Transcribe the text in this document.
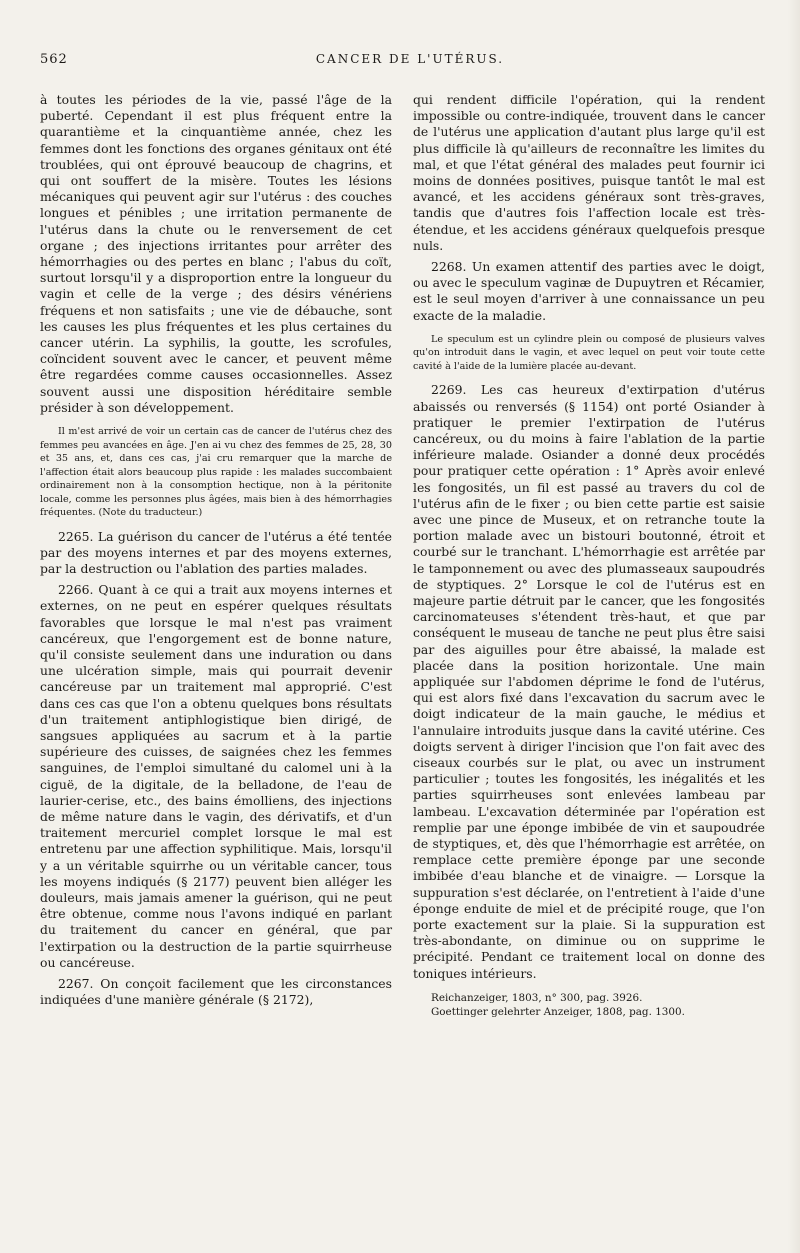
562	CANCER DE L'UTÉRUS.

à toutes les périodes de la vie, passé l'âge de la puberté. Cependant il est plus fréquent entre la quarantième et la cinquantième année, chez les femmes dont les fonctions des organes génitaux ont été troublées, qui ont éprouvé beaucoup de chagrins, et qui ont souffert de la misère. Toutes les lésions mécaniques qui peuvent agir sur l'utérus : des couches longues et pénibles ; une irritation permanente de l'utérus dans la chute ou le renversement de cet organe ; des injections irritantes pour arrêter des hémorrhagies ou des pertes en blanc ; l'abus du coït, surtout lorsqu'il y a disproportion entre la longueur du vagin et celle de la verge ; des désirs vénériens fréquens et non satisfaits ; une vie de débauche, sont les causes les plus fréquentes et les plus certaines du cancer utérin. La syphilis, la goutte, les scrofules, coïncident souvent avec le cancer, et peuvent même être regardées comme causes occasionnelles. Assez souvent aussi une disposition héréditaire semble présider à son développement.

Il m'est arrivé de voir un certain cas de cancer de l'utérus chez des femmes peu avancées en âge. J'en ai vu chez des femmes de 25, 28, 30 et 35 ans, et, dans ces cas, j'ai cru remarquer que la marche de l'affection était alors beaucoup plus rapide : les malades succombaient ordinairement non à la consomption hectique, non à la péritonite locale, comme les personnes plus âgées, mais bien à des hémorrhagies fréquentes. (Note du traducteur.)

2265. La guérison du cancer de l'utérus a été tentée par des moyens internes et par des moyens externes, par la destruction ou l'ablation des parties malades.

2266. Quant à ce qui a trait aux moyens internes et externes, on ne peut en espérer quelques résultats favorables que lorsque le mal n'est pas vraiment cancéreux, que l'engorgement est de bonne nature, qu'il consiste seulement dans une induration ou dans une ulcération simple, mais qui pourrait devenir cancéreuse par un traitement mal approprié. C'est dans ces cas que l'on a obtenu quelques bons résultats d'un traitement antiphlogistique bien dirigé, de sangsues appliquées au sacrum et à la partie supérieure des cuisses, de saignées chez les femmes sanguines, de l'emploi simultané du calomel uni à la ciguë, de la digitale, de la belladone, de l'eau de laurier-cerise, etc., des bains émolliens, des injections de même nature dans le vagin, des dérivatifs, et d'un traitement mercuriel complet lorsque le mal est entretenu par une affection syphilitique. Mais, lorsqu'il y a un véritable squirrhe ou un véritable cancer, tous les moyens indiqués (§ 2177) peuvent bien alléger les douleurs, mais jamais amener la guérison, qui ne peut être obtenue, comme nous l'avons indiqué en parlant du traitement du cancer en général, que par l'extirpation ou la destruction de la partie squirrheuse ou cancéreuse.

2267. On conçoit facilement que les circonstances indiquées d'une manière générale (§ 2172),

qui rendent difficile l'opération, qui la rendent impossible ou contre-indiquée, trouvent dans le cancer de l'utérus une application d'autant plus large qu'il est plus difficile là qu'ailleurs de reconnaître les limites du mal, et que l'état général des malades peut fournir ici moins de données positives, puisque tantôt le mal est avancé, et les accidens généraux sont très-graves, tandis que d'autres fois l'affection locale est très-étendue, et les accidens généraux quelquefois presque nuls.

2268. Un examen attentif des parties avec le doigt, ou avec le speculum vaginæ de Dupuytren et Récamier, est le seul moyen d'arriver à une connaissance un peu exacte de la maladie.

Le speculum est un cylindre plein ou composé de plusieurs valves qu'on introduit dans le vagin, et avec lequel on peut voir toute cette cavité à l'aide de la lumière placée au-devant.

2269. Les cas heureux d'extirpation d'utérus abaissés ou renversés (§ 1154) ont porté Osiander à pratiquer le premier l'extirpation de l'utérus cancéreux, ou du moins à faire l'ablation de la partie inférieure malade. Osiander a donné deux procédés pour pratiquer cette opération : 1° Après avoir enlevé les fongosités, un fil est passé au travers du col de l'utérus afin de le fixer ; ou bien cette partie est saisie avec une pince de Museux, et on retranche toute la portion malade avec un bistouri boutonné, étroit et courbé sur le tranchant. L'hémorrhagie est arrêtée par le tamponnement ou avec des plumasseaux saupoudrés de styptiques. 2° Lorsque le col de l'utérus est en majeure partie détruit par le cancer, que les fongosités carcinomateuses s'étendent très-haut, et que par conséquent le museau de tanche ne peut plus être saisi par des aiguilles pour être abaissé, la malade est placée dans la position horizontale. Une main appliquée sur l'abdomen déprime le fond de l'utérus, qui est alors fixé dans l'excavation du sacrum avec le doigt indicateur de la main gauche, le médius et l'annulaire introduits jusque dans la cavité utérine. Ces doigts servent à diriger l'incision que l'on fait avec des ciseaux courbés sur le plat, ou avec un instrument particulier ; toutes les fongosités, les inégalités et les parties squirrheuses sont enlevées lambeau par lambeau. L'excavation déterminée par l'opération est remplie par une éponge imbibée de vin et saupoudrée de styptiques, et, dès que l'hémorrhagie est arrêtée, on remplace cette première éponge par une seconde imbibée d'eau blanche et de vinaigre. — Lorsque la suppuration s'est déclarée, on l'entretient à l'aide d'une éponge enduite de miel et de précipité rouge, que l'on porte exactement sur la plaie. Si la suppuration est très-abondante, on diminue ou on supprime le précipité. Pendant ce traitement local on donne des toniques intérieurs.

Reichanzeiger, 1803, n° 300, pag. 3926.

Goettinger gelehrter Anzeiger, 1808, pag. 1300.
